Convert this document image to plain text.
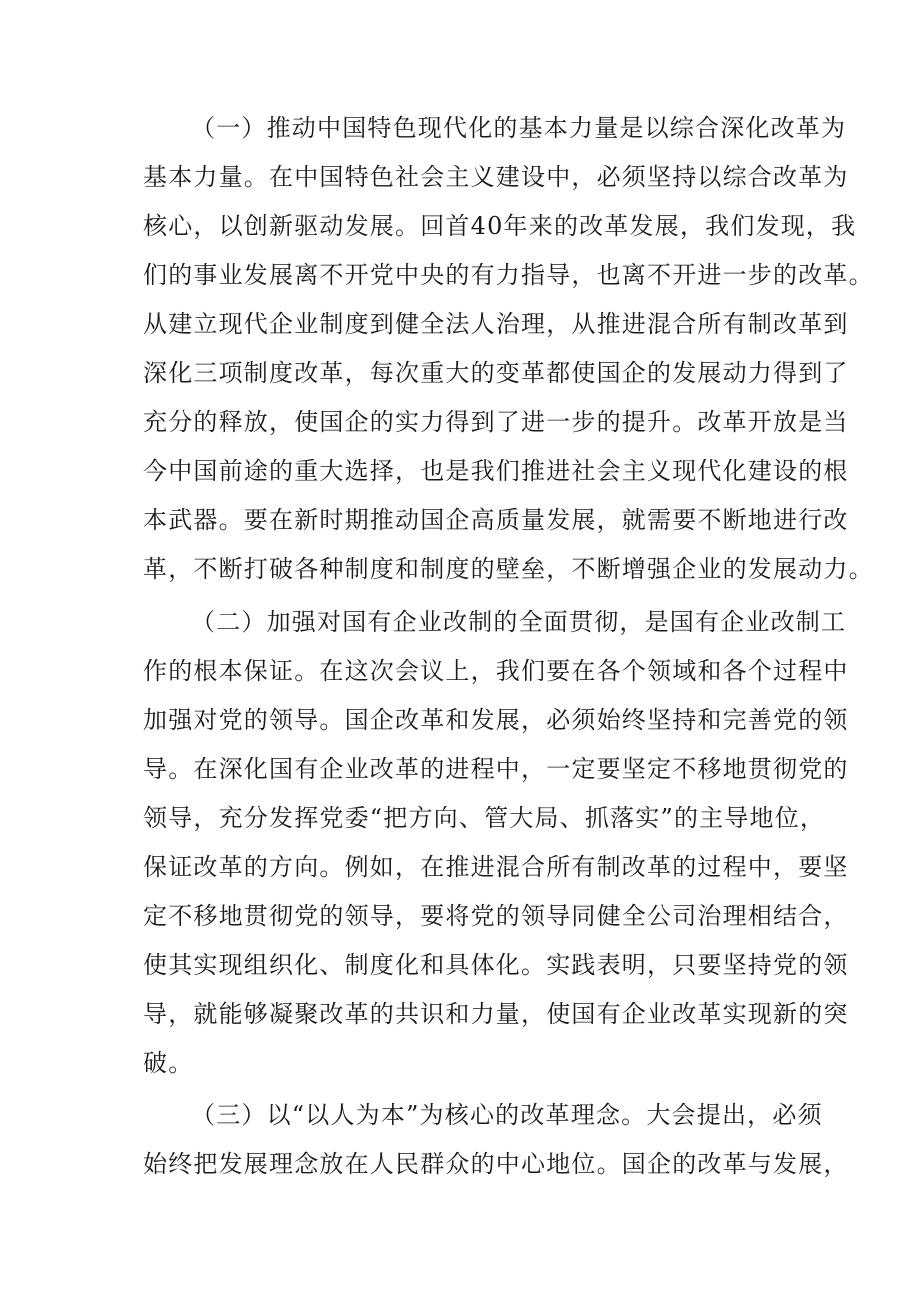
（一）推动中国特色现代化的基本力量是以综合深化改革为
基本力量。在中国特色社会主义建设中，必须坚持以综合改革为
核心，以创新驱动发展。回首40年来的改革发展，我们发现，我
们的事业发展离不开党中央的有力指导，也离不开进一步的改革。
从建立现代企业制度到健全法人治理，从推进混合所有制改革到
深化三项制度改革，每次重大的变革都使国企的发展动力得到了
充分的释放，使国企的实力得到了进一步的提升。改革开放是当
今中国前途的重大选择，也是我们推进社会主义现代化建设的根
本武器。要在新时期推动国企高质量发展，就需要不断地进行改
革，不断打破各种制度和制度的壁垒，不断增强企业的发展动力。
（二）加强对国有企业改制的全面贯彻，是国有企业改制工
作的根本保证。在这次会议上，我们要在各个领域和各个过程中
加强对党的领导。国企改革和发展，必须始终坚持和完善党的领
导。在深化国有企业改革的进程中，一定要坚定不移地贯彻党的
领导，充分发挥党委“把方向、管大局、抓落实”的主导地位，
保证改革的方向。例如，在推进混合所有制改革的过程中，要坚
定不移地贯彻党的领导，要将党的领导同健全公司治理相结合，
使其实现组织化、制度化和具体化。实践表明，只要坚持党的领
导，就能够凝聚改革的共识和力量，使国有企业改革实现新的突
破。
（三）以“以人为本”为核心的改革理念。大会提出，必须
始终把发展理念放在人民群众的中心地位。国企的改革与发展，
